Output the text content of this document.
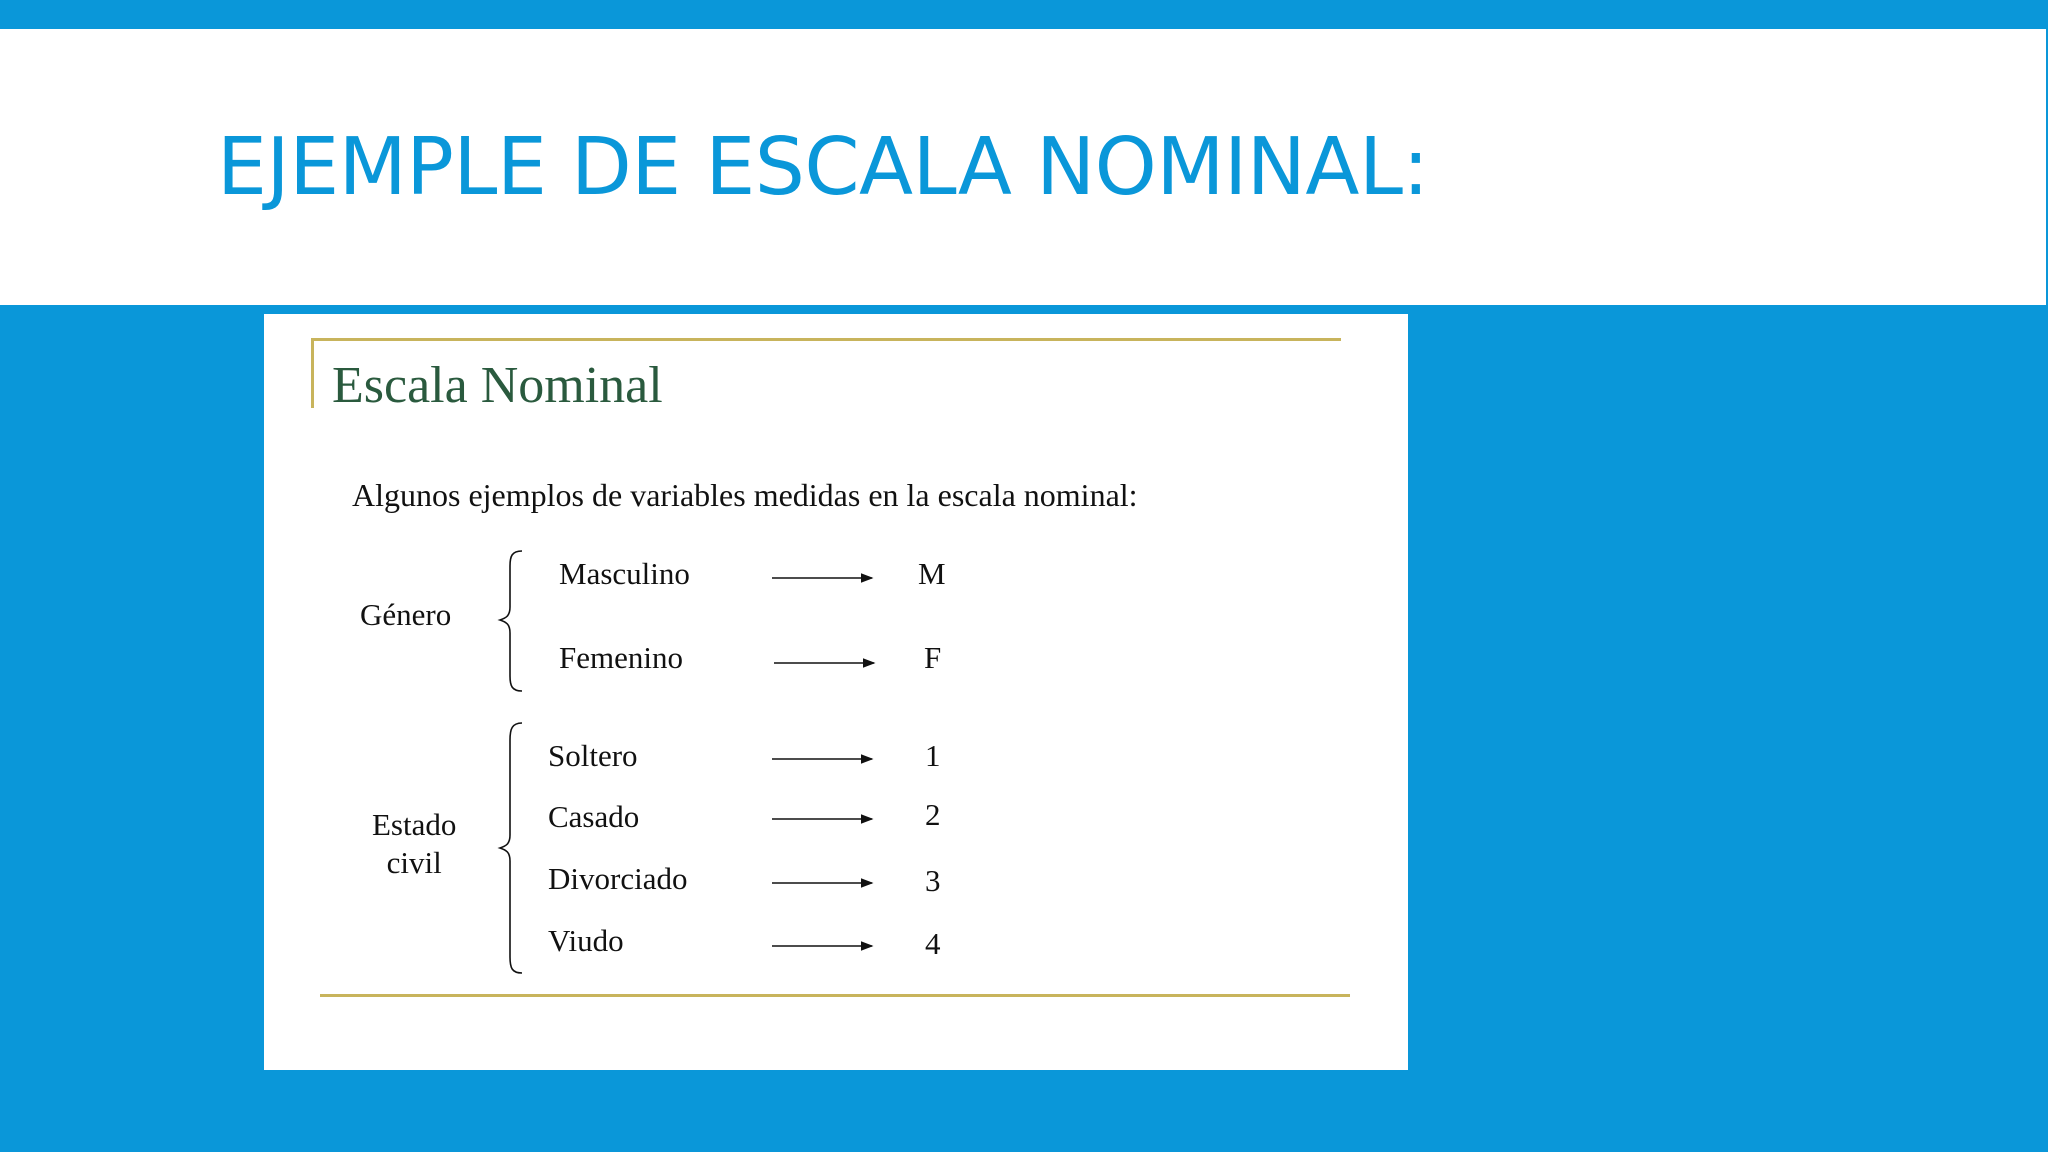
EJEMPLE DE ESCALA NOMINAL:
Escala Nominal
Algunos ejemplos de variables medidas en la escala nominal:
Género
Masculino	M
Femenino	F
Estado
civil
Soltero	1
Casado	2
Divorciado	3
Viudo	4
